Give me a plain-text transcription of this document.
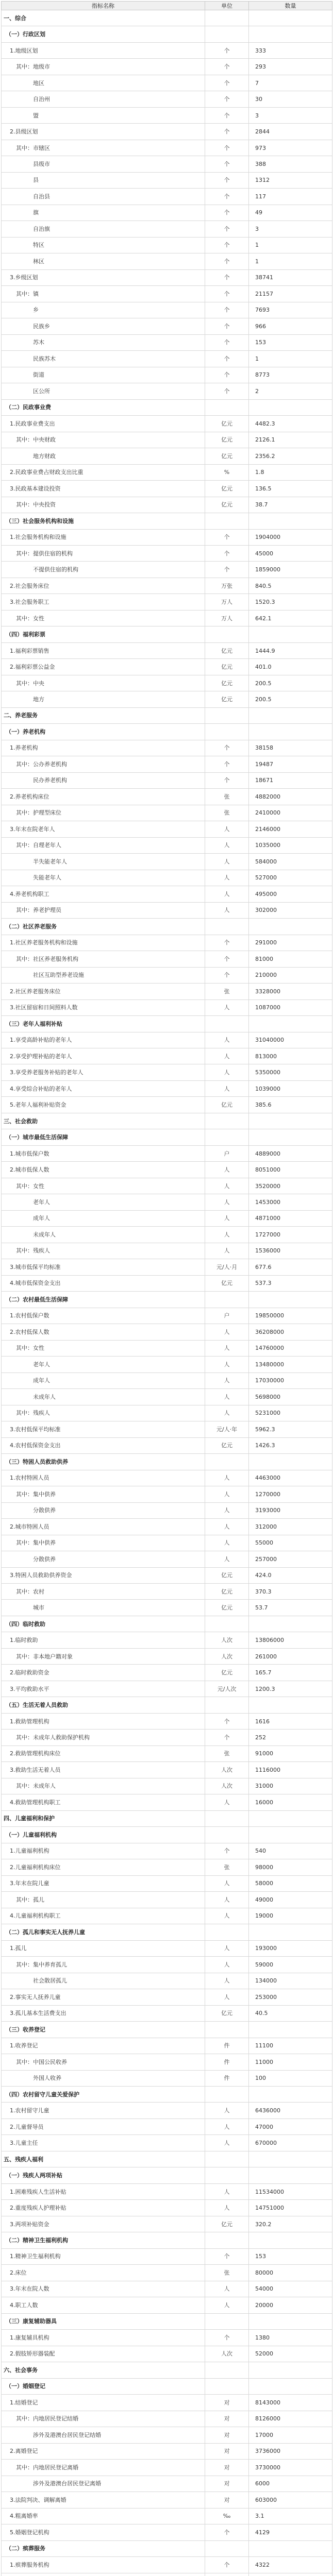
指标名称	单位	数量
一、综合		
（一）行政区划		
1.地级区划	个	333
其中：地级市	个	293
地区	个	7
自治州	个	30
盟	个	3
2.县级区划	个	2844
其中：市辖区	个	973
县级市	个	388
县	个	1312
自治县	个	117
旗	个	49
自治旗	个	3
特区	个	1
林区	个	1
3.乡级区划	个	38741
其中：镇	个	21157
乡	个	7693
民族乡	个	966
苏木	个	153
民族苏木	个	1
街道	个	8773
区公所	个	2
（二）民政事业费		
1.民政事业费支出	亿元	4482.3
其中：中央财政	亿元	2126.1
地方财政	亿元	2356.2
2.民政事业费占财政支出比重	%	1.8
3.民政基本建设投资	亿元	136.5
其中：中央投资	亿元	38.7
（三）社会服务机构和设施		
1.社会服务机构和设施	个	1904000
其中：提供住宿的机构	个	45000
不提供住宿的机构	个	1859000
2.社会服务床位	万张	840.5
3.社会服务职工	万人	1520.3
其中：女性	万人	642.1
（四）福利彩票		
1.福利彩票销售	亿元	1444.9
2.福利彩票公益金	亿元	401.0
其中：中央	亿元	200.5
地方	亿元	200.5
二、养老服务		
（一）养老机构		
1.养老机构	个	38158
其中：公办养老机构	个	19487
民办养老机构	个	18671
2.养老机构床位	张	4882000
其中：护理型床位	张	2410000
3.年末在院老年人	人	2146000
其中：自理老年人	人	1035000
半失能老年人	人	584000
失能老年人	人	527000
4.养老机构职工	人	495000
其中：养老护理员	人	302000
（二）社区养老服务		
1.社区养老服务机构和设施	个	291000
其中：社区养老服务机构	个	81000
社区互助型养老设施	个	210000
2.社区养老服务床位	张	3328000
3.社区留宿和日间照料人数	人	1087000
（三）老年人福利补贴		
1.享受高龄补贴的老年人	人	31040000
2.享受护理补贴的老年人	人	813000
3.享受养老服务补贴的老年人	人	5350000
4.享受综合补贴的老年人	人	1039000
5.老年人福利补贴资金	亿元	385.6
三、社会救助		
（一）城市最低生活保障		
1.城市低保户数	户	4889000
2.城市低保人数	人	8051000
其中：女性	人	3520000
老年人	人	1453000
成年人	人	4871000
未成年人	人	1727000
其中：残疾人	人	1536000
3.城市低保平均标准	元/人·月	677.6
4.城市低保资金支出	亿元	537.3
（二）农村最低生活保障		
1.农村低保户数	户	19850000
2.农村低保人数	人	36208000
其中：女性	人	14760000
老年人	人	13480000
成年人	人	17030000
未成年人	人	5698000
其中：残疾人	人	5231000
3.农村低保平均标准	元/人·年	5962.3
4.农村低保资金支出	亿元	1426.3
（三）特困人员救助供养		
1.农村特困人员	人	4463000
其中：集中供养	人	1270000
分散供养	人	3193000
2.城市特困人员	人	312000
其中：集中供养	人	55000
分散供养	人	257000
3.特困人员救助供养资金	亿元	424.0
其中：农村	亿元	370.3
城市	亿元	53.7
（四）临时救助		
1.临时救助	人次	13806000
其中：非本地户籍对象	人次	261000
2.临时救助资金	亿元	165.7
3.平均救助水平	元/人次	1200.3
（五）生活无着人员救助		
1.救助管理机构	个	1616
其中：未成年人救助保护机构	个	252
2.救助管理机构床位	张	91000
3.救助生活无着人员	人次	1116000
其中：未成年人	人次	31000
4.救助管理机构职工	人	16000
四、儿童福利和保护		
（一）儿童福利机构		
1.儿童福利机构	个	540
2.儿童福利机构床位	张	98000
3.年末在院儿童	人	58000
其中：孤儿	人	49000
4.儿童福利机构职工	人	19000
（二）孤儿和事实无人抚养儿童		
1.孤儿	人	193000
其中：集中养育孤儿	人	59000
社会散居孤儿	人	134000
2.事实无人抚养儿童	人	253000
3.孤儿基本生活费支出	亿元	40.5
（三）收养登记		
1.收养登记	件	11100
其中：中国公民收养	件	11000
外国人收养	件	100
（四）农村留守儿童关爱保护		
1.农村留守儿童	人	6436000
2.儿童督导员	人	47000
3.儿童主任	人	670000
五、残疾人福利		
（一）残疾人两项补贴		
1.困难残疾人生活补贴	人	11534000
2.重度残疾人护理补贴	人	14751000
3.两项补贴资金	亿元	320.2
（二）精神卫生福利机构		
1.精神卫生福利机构	个	153
2.床位	张	80000
3.年末在院人数	人	54000
4.职工人数	人	20000
（三）康复辅助器具		
1.康复辅具机构	个	1380
2.假肢矫形器装配	人次	52000
六、社会事务		
（一）婚姻登记		
1.结婚登记	对	8143000
其中：内地居民登记结婚	对	8126000
涉外及港澳台居民登记结婚	对	17000
2.离婚登记	对	3736000
其中：内地居民登记离婚	对	3730000
涉外及港澳台居民登记离婚	对	6000
3.法院判决、调解离婚	对	603000
4.粗离婚率	‰	3.1
5.婚姻登记机构	个	4129
（二）殡葬服务		
1.殡葬服务机构	个	4322
